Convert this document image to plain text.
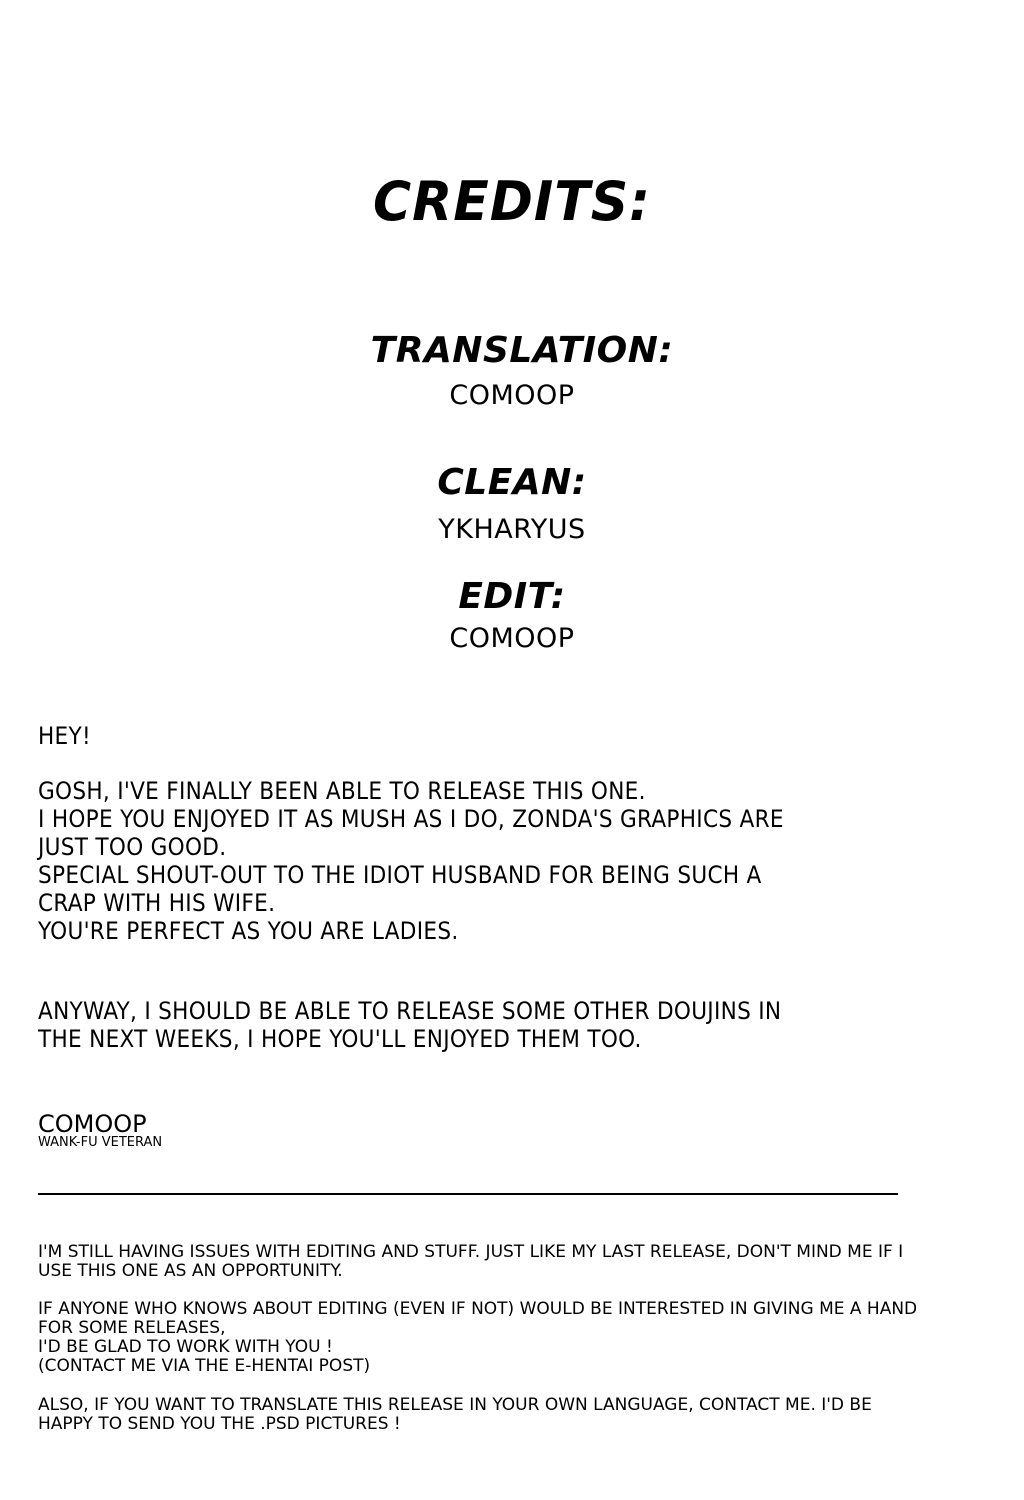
CREDITS:
TRANSLATION:
COMOOP
CLEAN:
YKHARYUS
EDIT:
COMOOP
HEY!
GOSH, I'VE FINALLY BEEN ABLE TO RELEASE THIS ONE.
I HOPE YOU ENJOYED IT AS MUSH AS I DO, ZONDA'S GRAPHICS ARE
JUST TOO GOOD.
SPECIAL SHOUT-OUT TO THE IDIOT HUSBAND FOR BEING SUCH A
CRAP WITH HIS WIFE.
YOU'RE PERFECT AS YOU ARE LADIES.
ANYWAY, I SHOULD BE ABLE TO RELEASE SOME OTHER DOUJINS IN
THE NEXT WEEKS, I HOPE YOU'LL ENJOYED THEM TOO.
COMOOP
WANK-FU VETERAN
I'M STILL HAVING ISSUES WITH EDITING AND STUFF. JUST LIKE MY LAST RELEASE, DON'T MIND ME IF I
USE THIS ONE AS AN OPPORTUNITY.
IF ANYONE WHO KNOWS ABOUT EDITING (EVEN IF NOT) WOULD BE INTERESTED IN GIVING ME A HAND
FOR SOME RELEASES,
I'D BE GLAD TO WORK WITH YOU !
(CONTACT ME VIA THE E-HENTAI POST)
ALSO, IF YOU WANT TO TRANSLATE THIS RELEASE IN YOUR OWN LANGUAGE, CONTACT ME. I'D BE
HAPPY TO SEND YOU THE .PSD PICTURES !
